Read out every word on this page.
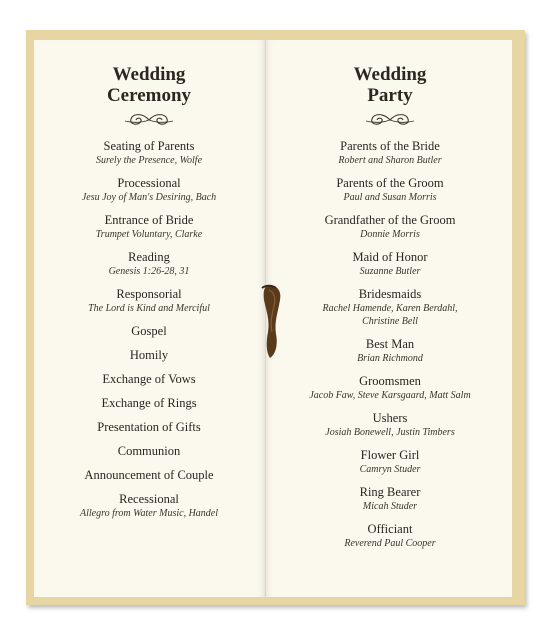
Wedding
Ceremony
Seating of Parents
Surely the Presence, Wolfe
Processional
Jesu Joy of Man's Desiring, Bach
Entrance of Bride
Trumpet Voluntary, Clarke
Reading
Genesis 1:26-28, 31
Responsorial
The Lord is Kind and Merciful
Gospel
Homily
Exchange of Vows
Exchange of Rings
Presentation of Gifts
Communion
Announcement of Couple
Recessional
Allegro from Water Music, Handel
Wedding
Party
Parents of the Bride
Robert and Sharon Butler
Parents of the Groom
Paul and Susan Morris
Grandfather of the Groom
Donnie Morris
Maid of Honor
Suzanne Butler
Bridesmaids
Rachel Hamende, Karen Berdahl,
Christine Bell
Best Man
Brian Richmond
Groomsmen
Jacob Faw, Steve Karsgaard, Matt Salm
Ushers
Josiah Bonewell, Justin Timbers
Flower Girl
Camryn Studer
Ring Bearer
Micah Studer
Officiant
Reverend Paul Cooper
